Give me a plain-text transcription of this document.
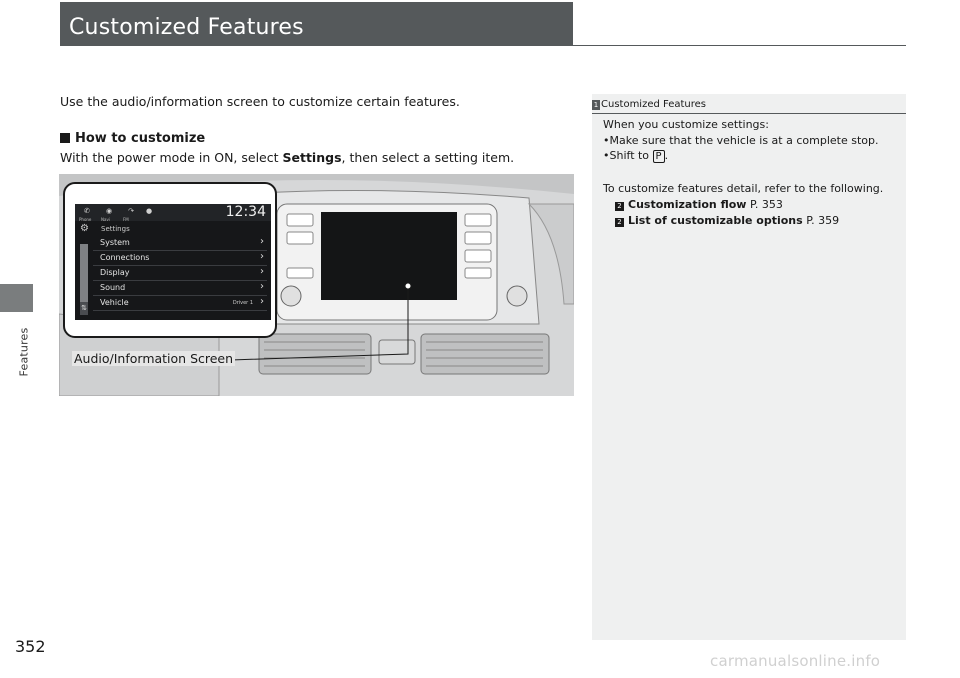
Features
Customized Features
Use the audio/information screen to customize certain features.
How to customize
With the power mode in ON, select Settings, then select a setting item.
✆
Phone
◉
Navi
↷
FM
●	12:34
⚙ Settings
⇅
System	›
Connections	›
Display	›
Sound	›
Vehicle	Driver 1 ›
Audio/Information Screen
1 Customized Features
When you customize settings:
•Make sure that the vehicle is at a complete stop.
•Shift to P .
To customize features detail, refer to the following.
2 Customization flow P. 353
2 List of customizable options P. 359
352
carmanualsonline.info
